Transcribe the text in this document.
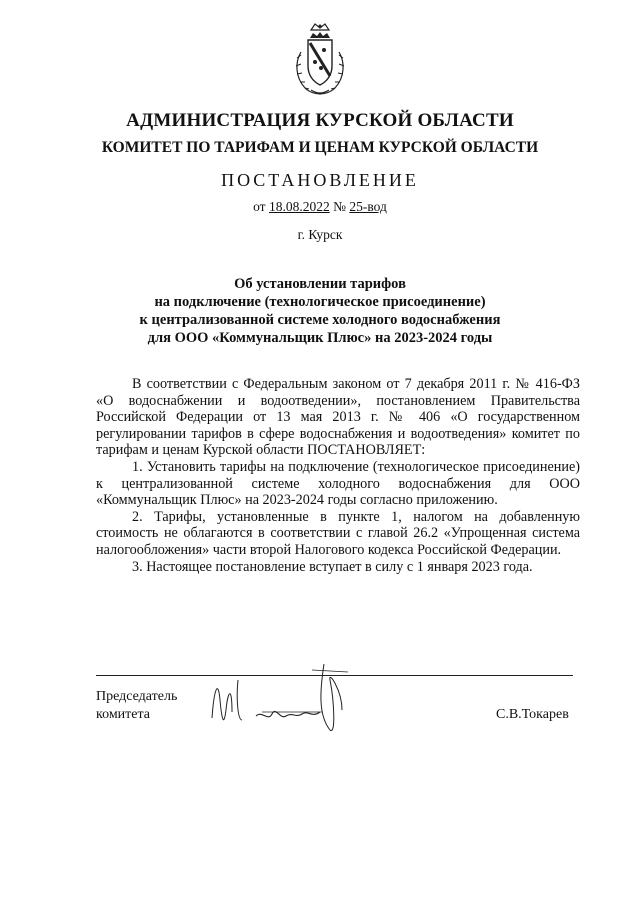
АДМИНИСТРАЦИЯ КУРСКОЙ ОБЛАСТИ
КОМИТЕТ ПО ТАРИФАМ И ЦЕНАМ КУРСКОЙ ОБЛАСТИ
ПОСТАНОВЛЕНИЕ
от 18.08.2022 № 25-вод
г. Курск
Об установлении тарифов
на подключение (технологическое присоединение)
к централизованной системе холодного водоснабжения
для ООО «Коммунальщик Плюс» на 2023-2024 годы

В соответствии с Федеральным законом от 7 декабря 2011 г. № 416-ФЗ «О водоснабжении и водоотведении», постановлением Правительства Российской Федерации от 13 мая 2013 г. № 406 «О государственном регулировании тарифов в сфере водоснабжения и водоотведения» комитет по тарифам и ценам Курской области ПОСТАНОВЛЯЕТ:

1. Установить тарифы на подключение (технологическое присоединение) к централизованной системе холодного водоснабжения для ООО «Коммунальщик Плюс» на 2023-2024 годы согласно приложению.

2. Тарифы, установленные в пункте 1, налогом на добавленную стоимость не облагаются в соответствии с главой 26.2 «Упрощенная система налогообложения» части второй Налогового кодекса Российской Федерации.

3. Настоящее постановление вступает в силу с 1 января 2023 года.

Председатель
комитета	С.В.Токарев
